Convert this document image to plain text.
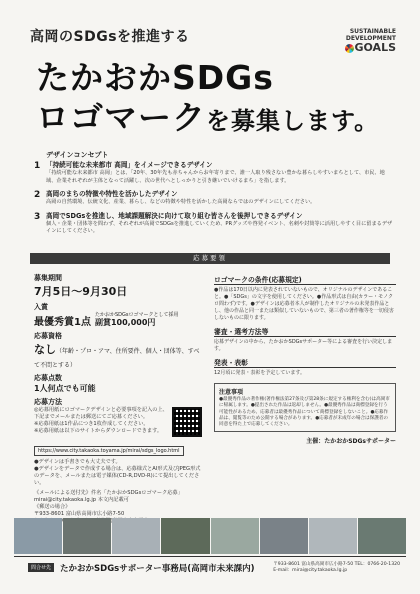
高岡のSDGsを推進する	SUSTAINABLE
DEVELOPMENT
GOALS
たかおかSDGs
ロゴマークを募集します。
デザインコンセプト
1 「持続可能な未来都市 高岡」をイメージできるデザイン
「持続可能な未来都市 高岡」とは、「20年、30年先も赤ちゃんからお年寄りまで、誰一人取り残さない豊かな暮らしやすいまちとして、市民、地域、企業それぞれが主体となって活躍し、次の世代へとしっかりと引き継いでいけるまち」を指します。
2 高岡のまちの特徴や特性を活かしたデザイン
高岡の自然環境、伝統文化、産業、暮らし、などの特徴や特性を活かした高岡ならではのデザインにしてください。
3 高岡でSDGsを推進し、地域課題解決に向けて取り組む皆さんを後押しできるデザイン
個人・企業・団体等を問わず、それぞれが高岡でSDGsを推進していくため、PRグッズや啓発イベント、名刺や封筒等に活用しやすく目に留まるデザインにしてください。
応募要領
募集期間
7月5日～9月30日
入賞
最優秀賞1点
たかおかSDGsロゴマークとして採用
副賞100,000円
応募資格
なし（年齢・プロ・アマ、住所要件、個人・団体等、すべて不問とする）
応募点数
1人何点でも可能
応募方法
◎応募用紙にロゴマークデザインと必要事項を記入の上、下記までメールまたは郵送にてご応募ください。
※応募用紙は1作品につき1枚作成してください。
※応募用紙は以下のサイトからダウンロードできます。
https://www.city.takaoka.toyama.jp/mirai/sdgs_logo.html
●デザインは手書きでも大丈夫です。
●デザインをデータで作成する場合は、応募様式とAI形式及びJPEG形式のデータを、メールまたは電子媒体(CD-R,DVD-R)にて提出してください。
《メールによる送付先》件名「たかおかSDGsロゴマーク応募」
mirai@city.takaoka.lg.jp 本文内記載可
《郵送の場合》
〒933-8601 富山県高岡市広小路7-50
ロゴマークの条件(応募規定)
●作品は170日以内に発表されていないもので、オリジナルのデザインであること。●「SDGs」の文字を使用してください。●作品形式は自由(カラー・モノクロ問わず)です。●デザインは応募者本人が制作したオリジナルの未発表作品とし、他の作品と同一または類似していないもので、第三者の著作権等を一切侵害しないものに限ります。
審査・選考方法等
応募デザインの中から、たかおかSDGsサポーター等による審査を行い決定します。
発表・表彰
12月頃に発表・表彰を予定しています。
注意事項
●最優秀作品の著作権(著作権法第27条及び第28条に規定する権利を含む)は高岡市に帰属します。●提出された作品は返却しません。●最優秀作品は商標登録を行う可能性があるため、応募者は最優秀作品について商標登録をしないこと。●応募作品は、閲覧等のため公開する場合があります。●応募者が未成年の場合は保護者の同意を得た上で応募してください。
主催：たかおかSDGsサポーター
問合せ先	たかおかSDGsサポーター事務局(高岡市未来課内)	〒933-8601 富山県高岡市広小路7-50 TEL：0766-20-1320
E-mail：mirai@city.takaoka.lg.jp
